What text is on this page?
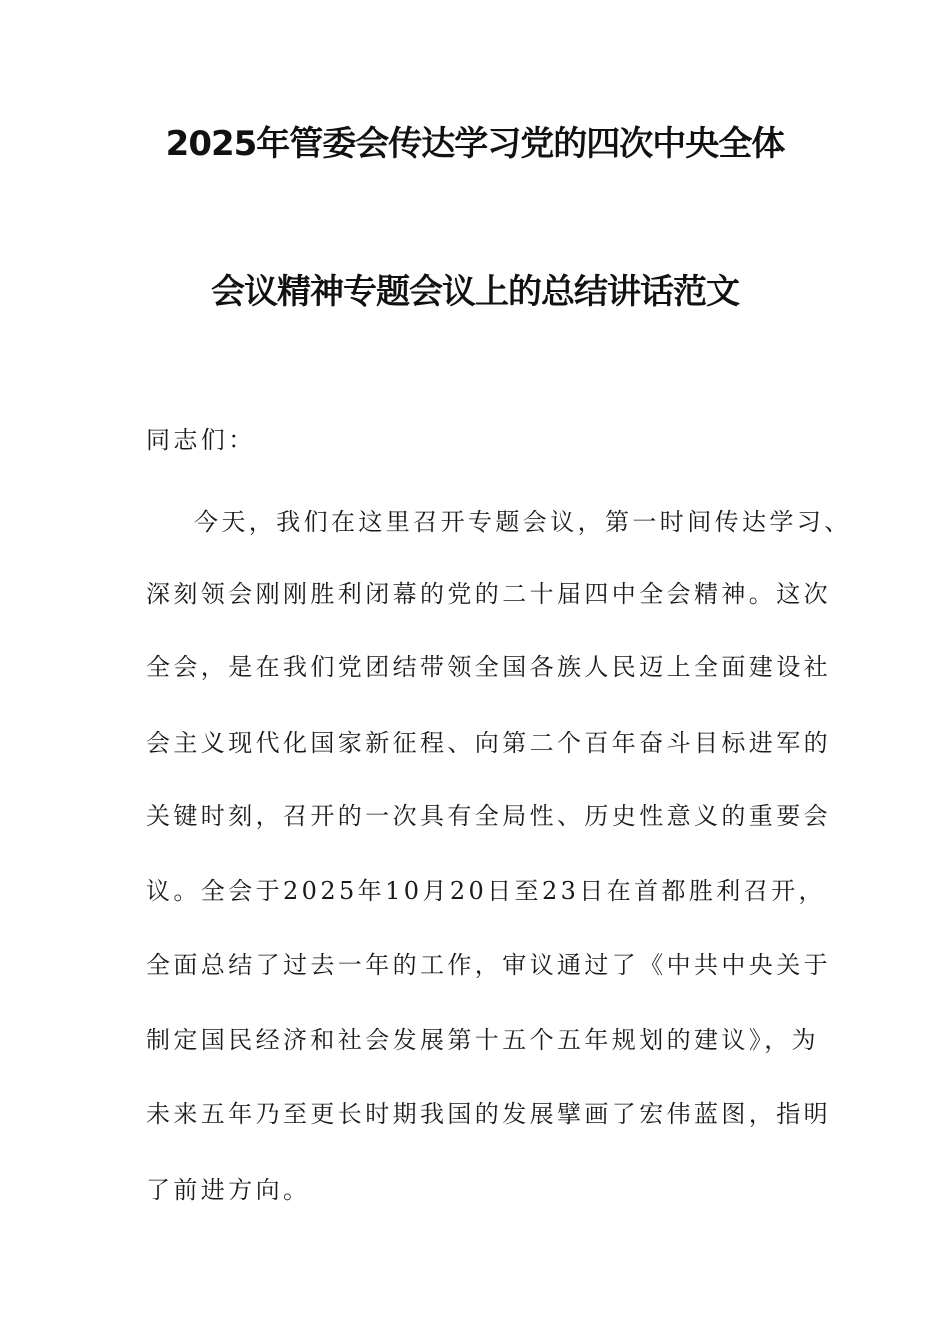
2025年管委会传达学习党的四次中央全体
会议精神专题会议上的总结讲话范文
同志们：
今天，我们在这里召开专题会议，第一时间传达学习、
深刻领会刚刚胜利闭幕的党的二十届四中全会精神。这次
全会，是在我们党团结带领全国各族人民迈上全面建设社
会主义现代化国家新征程、向第二个百年奋斗目标进军的
关键时刻，召开的一次具有全局性、历史性意义的重要会
议。全会于2025年10月20日至23日在首都胜利召开，
全面总结了过去一年的工作，审议通过了《中共中央关于
制定国民经济和社会发展第十五个五年规划的建议》，为
未来五年乃至更长时期我国的发展擘画了宏伟蓝图，指明
了前进方向。
